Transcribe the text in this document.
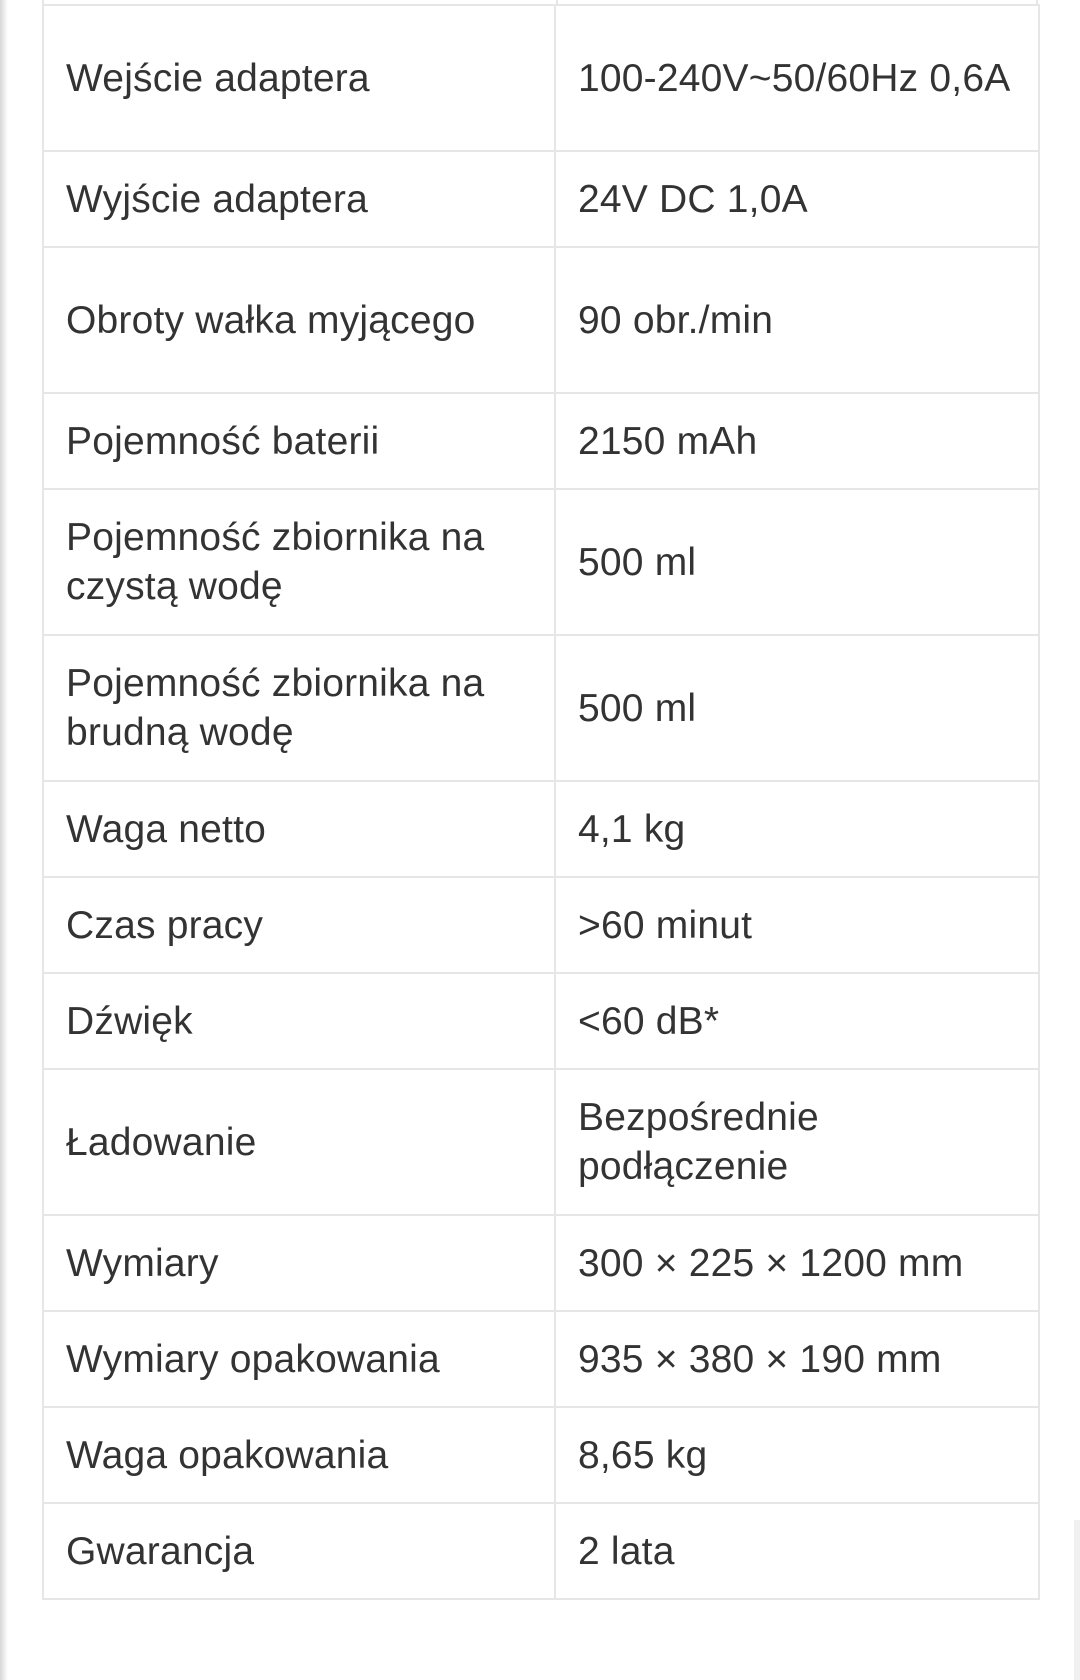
Wejście adaptera	100-240V~50/60Hz 0,6A
Wyjście adaptera	24V DC 1,0A
Obroty wałka myjącego	90 obr./min
Pojemność baterii	2150 mAh
Pojemność zbiornika na czystą wodę	500 ml
Pojemność zbiornika na brudną wodę	500 ml
Waga netto	4,1 kg
Czas pracy	>60 minut
Dźwięk	<60 dB*
Ładowanie	Bezpośrednie podłączenie
Wymiary	300 × 225 × 1200 mm
Wymiary opakowania	935 × 380 × 190 mm
Waga opakowania	8,65 kg
Gwarancja	2 lata
